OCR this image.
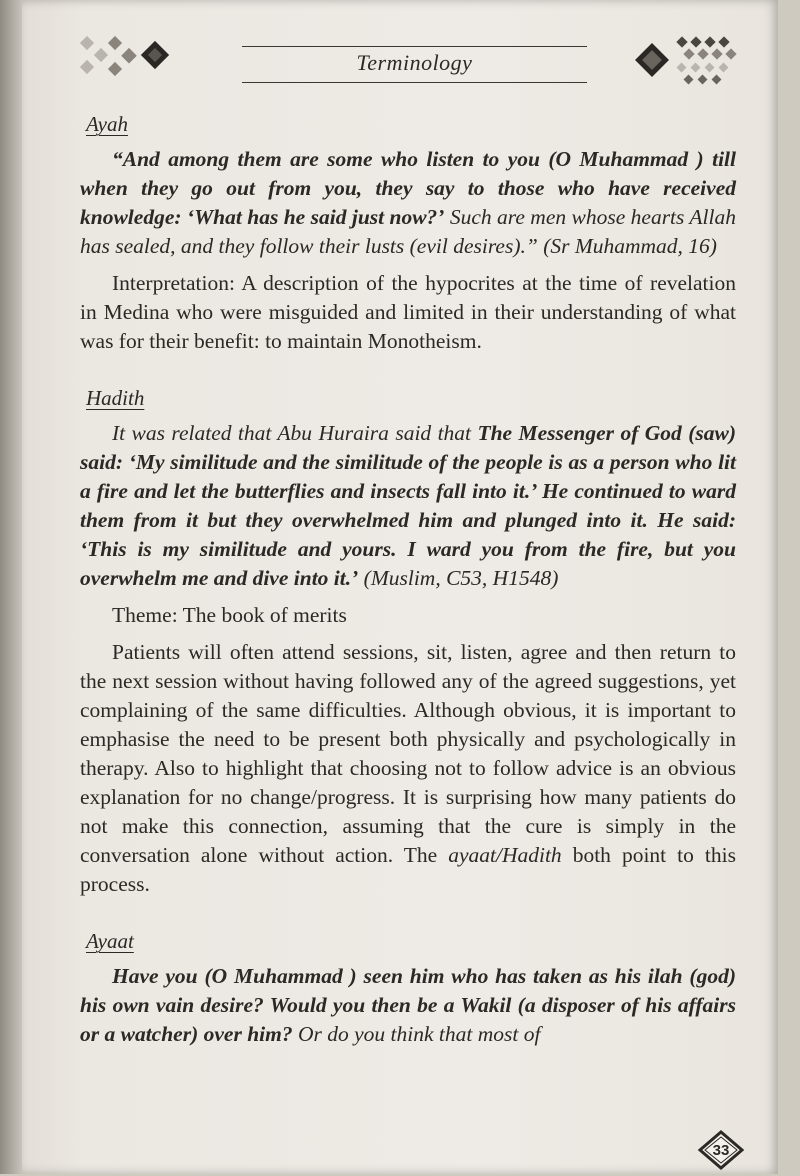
Terminology
Ayah

“And among them are some who listen to you (O Muhammad ) till when they go out from you, they say to those who have received knowledge: ‘What has he said just now?’ Such are men whose hearts Allah has sealed, and they follow their lusts (evil desires).” (Sr Muhammad, 16)

Interpretation: A description of the hypocrites at the time of revelation in Medina who were misguided and limited in their understanding of what was for their benefit: to maintain Monotheism.

Hadith

It was related that Abu Huraira said that The Messenger of God (saw) said: ‘My similitude and the similitude of the people is as a person who lit a fire and let the butterflies and insects fall into it.’ He continued to ward them from it but they overwhelmed him and plunged into it. He said: ‘This is my similitude and yours. I ward you from the fire, but you overwhelm me and dive into it.’ (Muslim, C53, H1548)

Theme: The book of merits

Patients will often attend sessions, sit, listen, agree and then return to the next session without having followed any of the agreed suggestions, yet complaining of the same difficulties. Although obvious, it is important to emphasise the need to be present both physically and psychologically in therapy. Also to highlight that choosing not to follow advice is an obvious explanation for no change/progress. It is surprising how many patients do not make this connection, assuming that the cure is simply in the conversation alone without action. The ayaat/Hadith both point to this process.

Ayaat

Have you (O Muhammad ) seen him who has taken as his ilah (god) his own vain desire? Would you then be a Wakil (a disposer of his affairs or a watcher) over him? Or do you think that most of

33
